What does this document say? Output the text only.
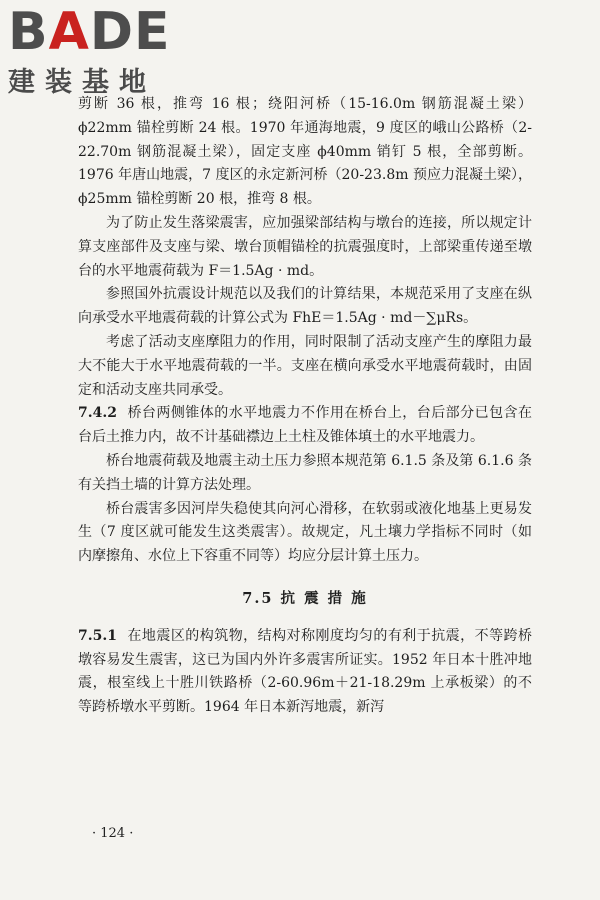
BADE
建装基地

剪断 36 根，推弯 16 根；绕阳河桥（15-16.0m 钢筋混凝土梁）ϕ22mm 锚栓剪断 24 根。1970 年通海地震，9 度区的峨山公路桥（2-22.70m 钢筋混凝土梁），固定支座 ϕ40mm 销钉 5 根，全部剪断。1976 年唐山地震，7 度区的永定新河桥（20-23.8m 预应力混凝土梁），ϕ25mm 锚栓剪断 20 根，推弯 8 根。

为了防止发生落梁震害，应加强梁部结构与墩台的连接，所以规定计算支座部件及支座与梁、墩台顶帽锚栓的抗震强度时，上部梁重传递至墩台的水平地震荷载为 F＝1.5Ag · md。

参照国外抗震设计规范以及我们的计算结果，本规范采用了支座在纵向承受水平地震荷载的计算公式为 FhE＝1.5Ag · md－∑μRs。

考虑了活动支座摩阻力的作用，同时限制了活动支座产生的摩阻力最大不能大于水平地震荷载的一半。支座在横向承受水平地震荷载时，由固定和活动支座共同承受。

7.4.2 桥台两侧锥体的水平地震力不作用在桥台上，台后部分已包含在台后土推力内，故不计基础襟边上土柱及锥体填土的水平地震力。

桥台地震荷载及地震主动土压力参照本规范第 6.1.5 条及第 6.1.6 条有关挡土墙的计算方法处理。

桥台震害多因河岸失稳使其向河心滑移，在软弱或液化地基上更易发生（7 度区就可能发生这类震害）。故规定，凡土壤力学指标不同时（如内摩擦角、水位上下容重不同等）均应分层计算土压力。

7.5 抗 震 措 施

7.5.1 在地震区的构筑物，结构对称刚度均匀的有利于抗震，不等跨桥墩容易发生震害，这已为国内外许多震害所证实。1952 年日本十胜冲地震，根室线上十胜川铁路桥（2-60.96m＋21-18.29m 上承板梁）的不等跨桥墩水平剪断。1964 年日本新泻地震，新泻

· 124 ·
